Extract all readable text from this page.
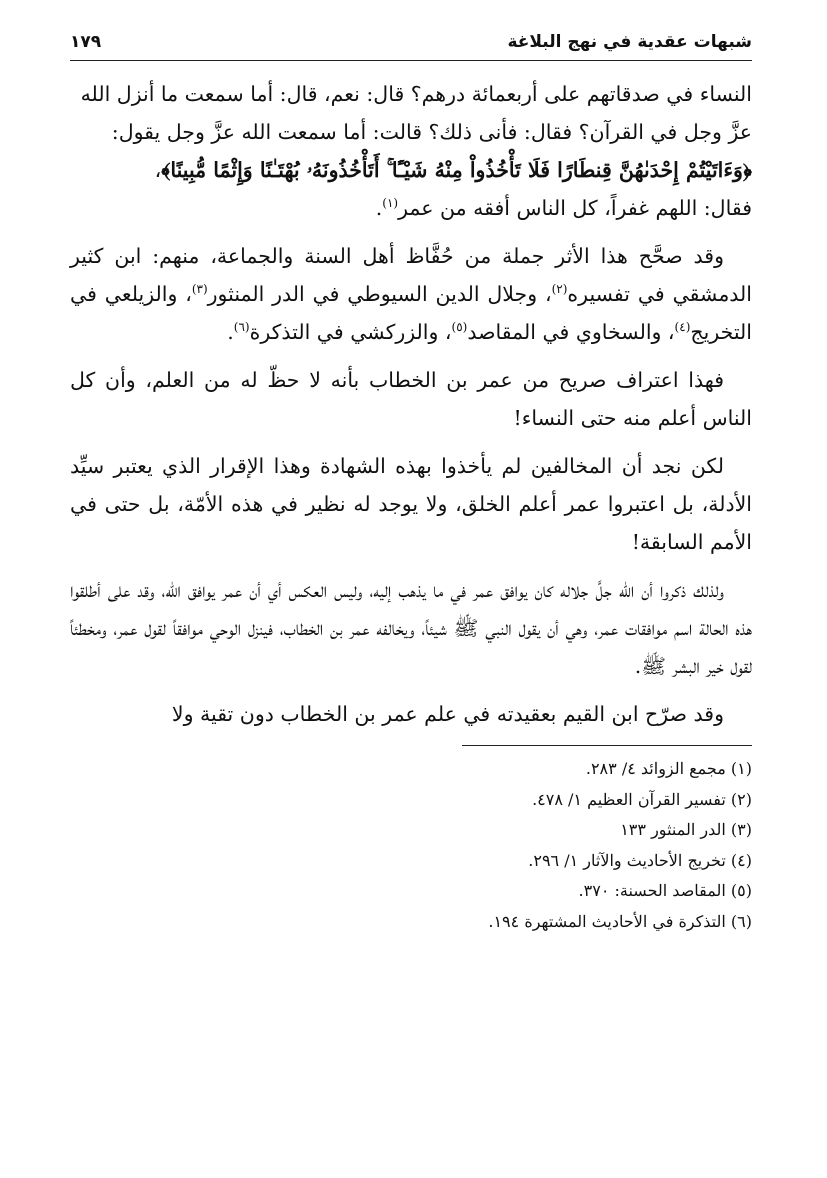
شبهات عقدية في نهج البلاغة
١٧٩

النساء في صدقاتهم على أربعمائة درهم؟ قال: نعم، قال: أما سمعت ما أنزل الله
عزَّ وجل في القرآن؟ فقال: فأنى ذلك؟ قالت: أما سمعت الله عزَّ وجل يقول:
﴿وَءَاتَيْتُمْ إِحْدَىٰهُنَّ قِنطَارًا فَلَا تَأْخُذُواْ مِنْهُ شَيْـًٔا ۚ أَتَأْخُذُونَهُۥ بُهْتَـٰنًا وَإِثْمًا مُّبِينًا﴾،
فقال: اللهم غفراً، كل الناس أفقه من عمر$^{(١)}$.

وقد صحَّح هذا الأثر جملة من حُفَّاظ أهل السنة والجماعة، منهم: ابن كثير الدمشقي في تفسيره$^{(٢)}$، وجلال الدين السيوطي في الدر المنثور$^{(٣)}$، والزيلعي في التخريج$^{(٤)}$، والسخاوي في المقاصد$^{(٥)}$، والزركشي في التذكرة$^{(٦)}$.

فهذا اعتراف صريح من عمر بن الخطاب بأنه لا حظّ له من العلم، وأن كل الناس أعلم منه حتى النساء!

لكن نجد أن المخالفين لم يأخذوا بهذه الشهادة وهذا الإقرار الذي يعتبر سيِّد الأدلة، بل اعتبروا عمر أعلم الخلق، ولا يوجد له نظير في هذه الأمّة، بل حتى في الأمم السابقة!

ولذلك ذكروا أن الله جلَّ جلاله كان يوافق عمر في ما يذهب إليه، وليس العكس أي أن عمر يوافق الله، وقد على أطلقوا هذه الحالة اسم موافقات عمر، وهي أن يقول النبي ﷺ شيئاً، ويخالفه عمر بن الخطاب، فينزل الوحي موافقاً لقول عمر، ومخطئاً لقول خير البشر ﷺ.

وقد صرّح ابن القيم بعقيدته في علم عمر بن الخطاب دون تقية ولا

(١) مجمع الزوائد ٤/ ٢٨٣.
(٢) تفسير القرآن العظيم ١/ ٤٧٨.
(٣) الدر المنثور ١٣٣
(٤) تخريج الأحاديث والآثار ١/ ٢٩٦.
(٥) المقاصد الحسنة: ٣٧٠.
(٦) التذكرة في الأحاديث المشتهرة ١٩٤.
